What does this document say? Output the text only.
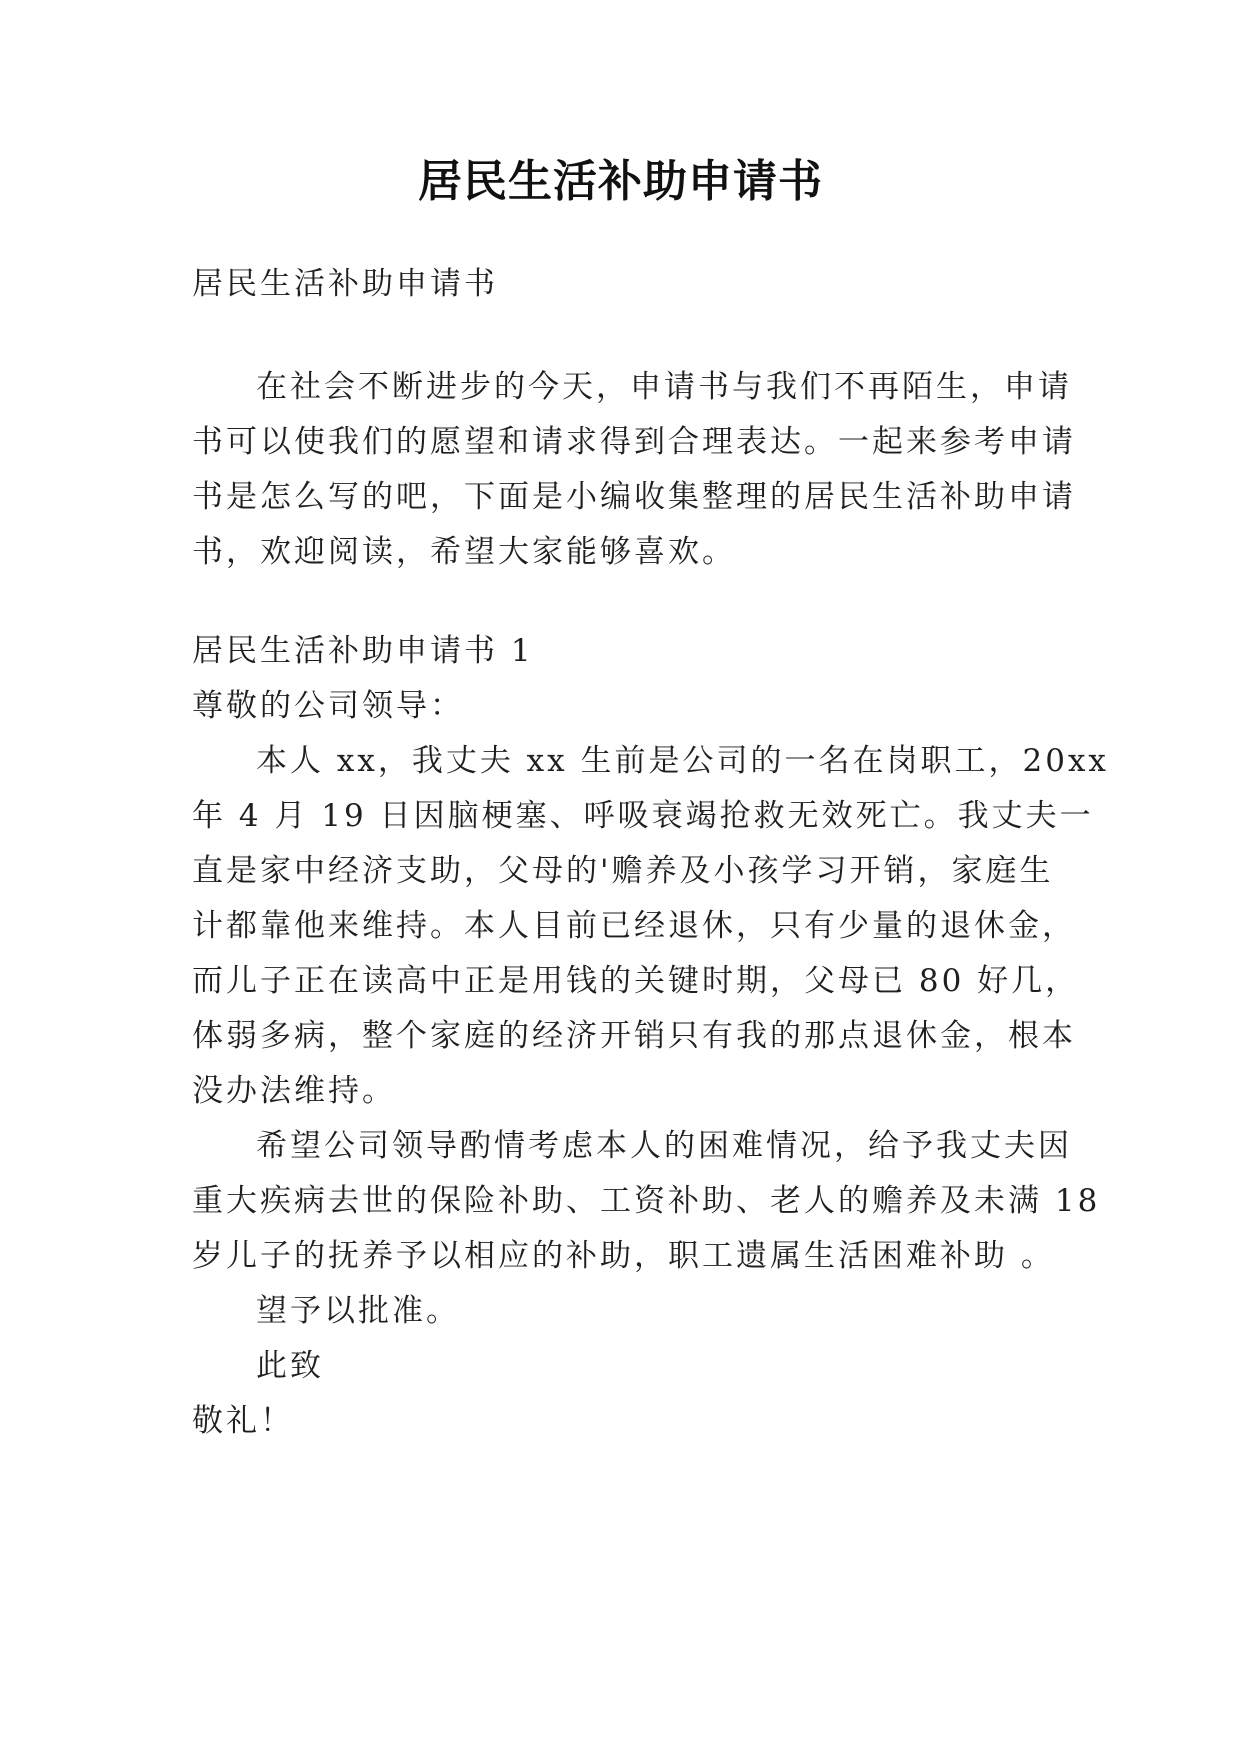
居民生活补助申请书
居民生活补助申请书
在社会不断进步的今天，申请书与我们不再陌生，申请
书可以使我们的愿望和请求得到合理表达。一起来参考申请
书是怎么写的吧，下面是小编收集整理的居民生活补助申请
书，欢迎阅读，希望大家能够喜欢。
居民生活补助申请书 1
尊敬的公司领导：
本人 xx，我丈夫 xx 生前是公司的一名在岗职工，20xx
年 4 月 19 日因脑梗塞、呼吸衰竭抢救无效死亡。我丈夫一
直是家中经济支助，父母的'赡养及小孩学习开销，家庭生
计都靠他来维持。本人目前已经退休，只有少量的退休金，
而儿子正在读高中正是用钱的关键时期，父母已 80 好几，
体弱多病，整个家庭的经济开销只有我的那点退休金，根本
没办法维持。
希望公司领导酌情考虑本人的困难情况，给予我丈夫因
重大疾病去世的保险补助、工资补助、老人的赡养及未满 18
岁儿子的抚养予以相应的补助，职工遗属生活困难补助 。
望予以批准。
此致
敬礼！
